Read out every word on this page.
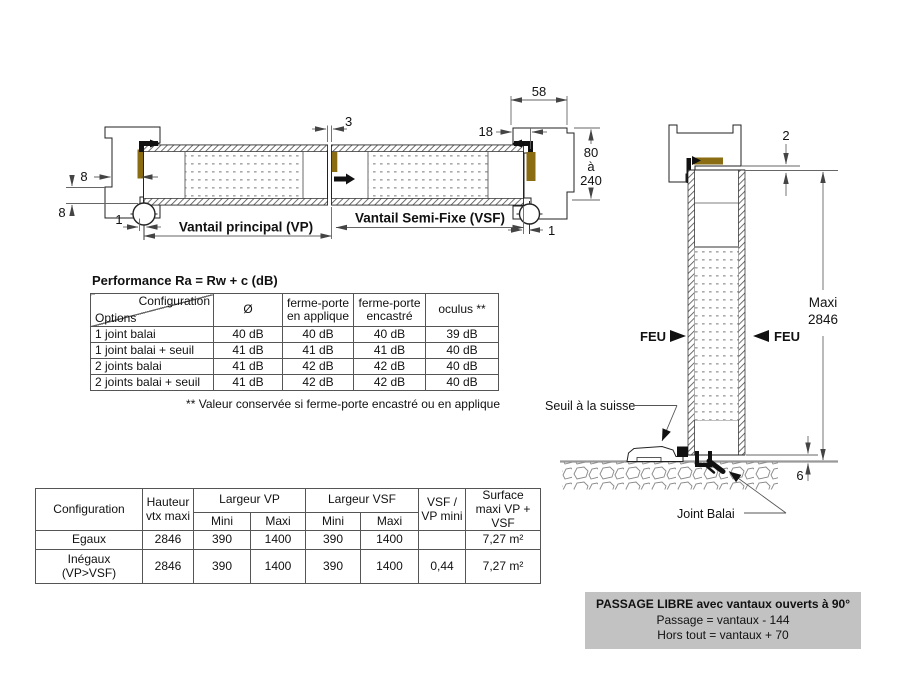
58
18
80
à
240
8
8	1
3
1
Vantail principal (VP)
Vantail Semi-Fixe (VSF)
FEU	FEU
2
Maxi
2846
6
Seuil à la suisse
Joint Balai
Performance Ra = Rw + c (dB)
Configuration
Options	Ø	ferme-porte en applique	ferme-porte encastré	oculus **
1 joint balai	40 dB	40 dB	40 dB	39 dB
1 joint balai + seuil	41 dB	41 dB	41 dB	40 dB
2 joints balai	41 dB	42 dB	42 dB	40 dB
2 joints balai + seuil	41 dB	42 dB	42 dB	40 dB
** Valeur conservée si ferme-porte encastré ou en applique
Configuration	Hauteur vtx maxi	Largeur VP		Largeur VSF		VSF / VP mini	Surface maxi VP + VSF
		Mini	Maxi	Mini	Maxi		
Egaux	2846	390	1400	390	1400		7,27 m²

Inégaux
(VP>VSF)	2846	390	1400	390	1400	0,44	7,27 m²
PASSAGE LIBRE avec vantaux ouverts à 90°
Passage = vantaux - 144
Hors tout = vantaux + 70
